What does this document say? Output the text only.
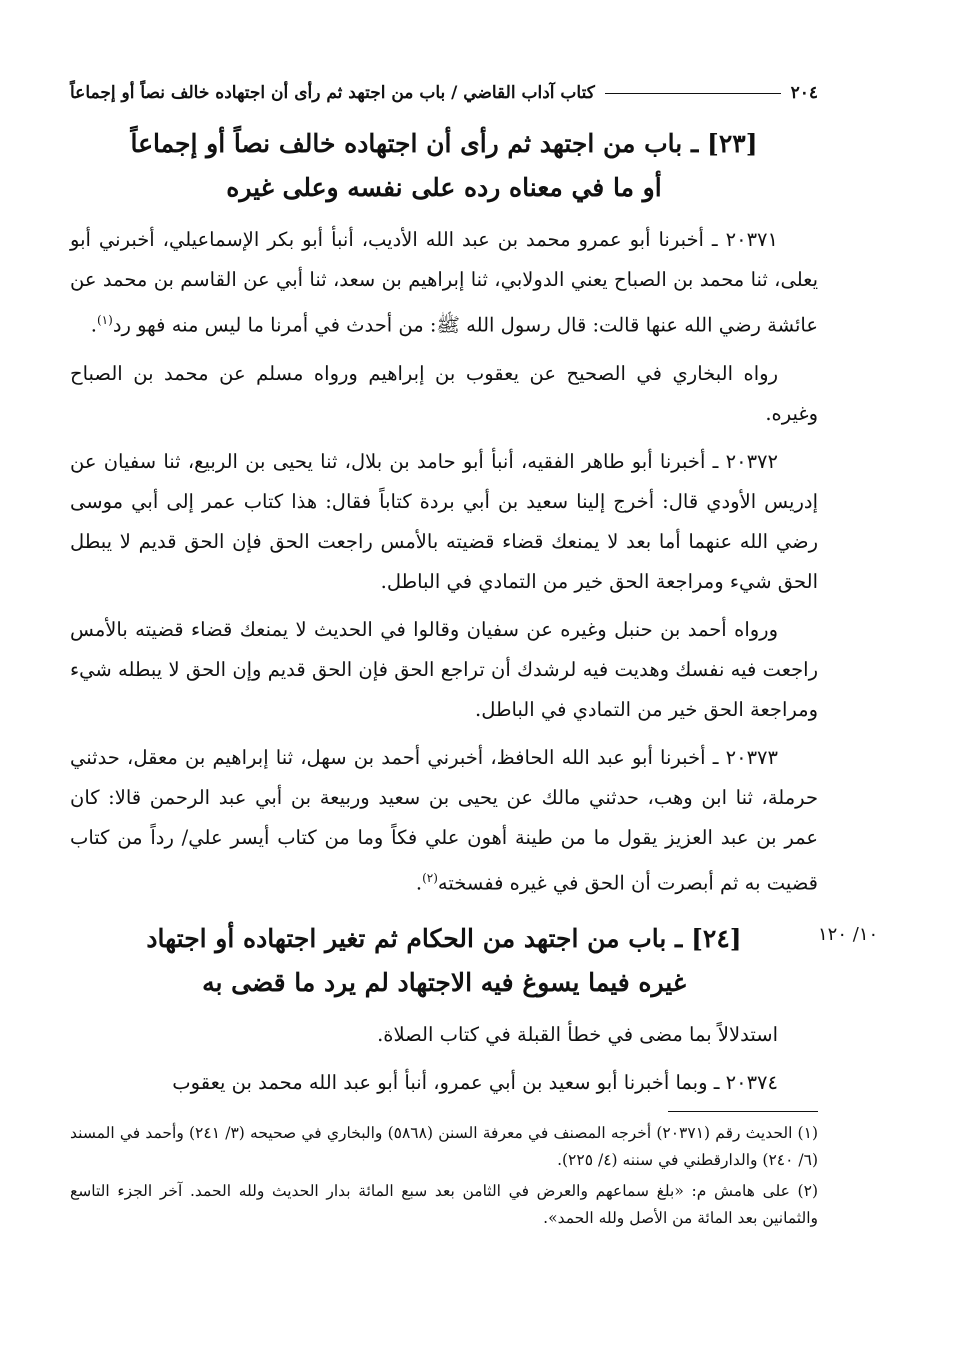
٢٠٤
كتاب آداب القاضي / باب من اجتهد ثم رأى أن اجتهاده خالف نصاً أو إجماعاً
[٢٣] ـ باب من اجتهد ثم رأى أن اجتهاده خالف نصاً أو إجماعاً
أو ما في معناه رده على نفسه وعلى غيره

٢٠٣٧١ ـ أخبرنا أبو عمرو محمد بن عبد الله الأديب، أنبأ أبو بكر الإسماعيلي، أخبرني أبو يعلى، ثنا محمد بن الصباح يعني الدولابي، ثنا إبراهيم بن سعد، ثنا أبي عن القاسم بن محمد عن عائشة رضي الله عنها قالت: قال رسول الله ﷺ: من أحدث في أمرنا ما ليس منه فهو رد$^{(١)}$.

رواه البخاري في الصحيح عن يعقوب بن إبراهيم ورواه مسلم عن محمد بن الصباح وغيره.

٢٠٣٧٢ ـ أخبرنا أبو طاهر الفقيه، أنبأ أبو حامد بن بلال، ثنا يحيى بن الربيع، ثنا سفيان عن إدريس الأودي قال: أخرج إلينا سعيد بن أبي بردة كتاباً فقال: هذا كتاب عمر إلى أبي موسى رضي الله عنهما أما بعد لا يمنعك قضاء قضيته بالأمس راجعت الحق فإن الحق قديم لا يبطل الحق شيء ومراجعة الحق خير من التمادي في الباطل.

ورواه أحمد بن حنبل وغيره عن سفيان وقالوا في الحديث لا يمنعك قضاء قضيته بالأمس راجعت فيه نفسك وهديت فيه لرشدك أن تراجع الحق فإن الحق قديم وإن الحق لا يبطله شيء ومراجعة الحق خير من التمادي في الباطل.

٢٠٣٧٣ ـ أخبرنا أبو عبد الله الحافظ، أخبرني أحمد بن سهل، ثنا إبراهيم بن معقل، حدثني حرملة، ثنا ابن وهب، حدثني مالك عن يحيى بن سعيد وربيعة بن أبي عبد الرحمن قالا: كان عمر بن عبد العزيز يقول ما من طينة أهون علي فكاً وما من كتاب أيسر علي/ رداً من كتاب قضيت به ثم أبصرت أن الحق في غيره ففسخته$^{(٢)}$.

[٢٤] ـ باب من اجتهد من الحكام ثم تغير اجتهاده أو اجتهاد
غيره فيما يسوغ فيه الاجتهاد لم يرد ما قضى به

استدلالاً بما مضى في خطأ القبلة في كتاب الصلاة.

٢٠٣٧٤ ـ وبما أخبرنا أبو سعيد بن أبي عمرو، أنبأ أبو عبد الله محمد بن يعقوب

(١) الحديث رقم (٢٠٣٧١) أخرجه المصنف في معرفة السنن (٥٨٦٨) والبخاري في صحيحه (٣/ ٢٤١) وأحمد في المسند (٦/ ٢٤٠) والدارقطني في سننه (٤/ ٢٢٥).

(٢) على هامش م: «بلغ سماعهم والعرض في الثامن بعد سبع المائة بدار الحديث ولله الحمد. آخر الجزء التاسع والثمانين بعد المائة من الأصل ولله الحمد».

١٠/ ١٢٠
